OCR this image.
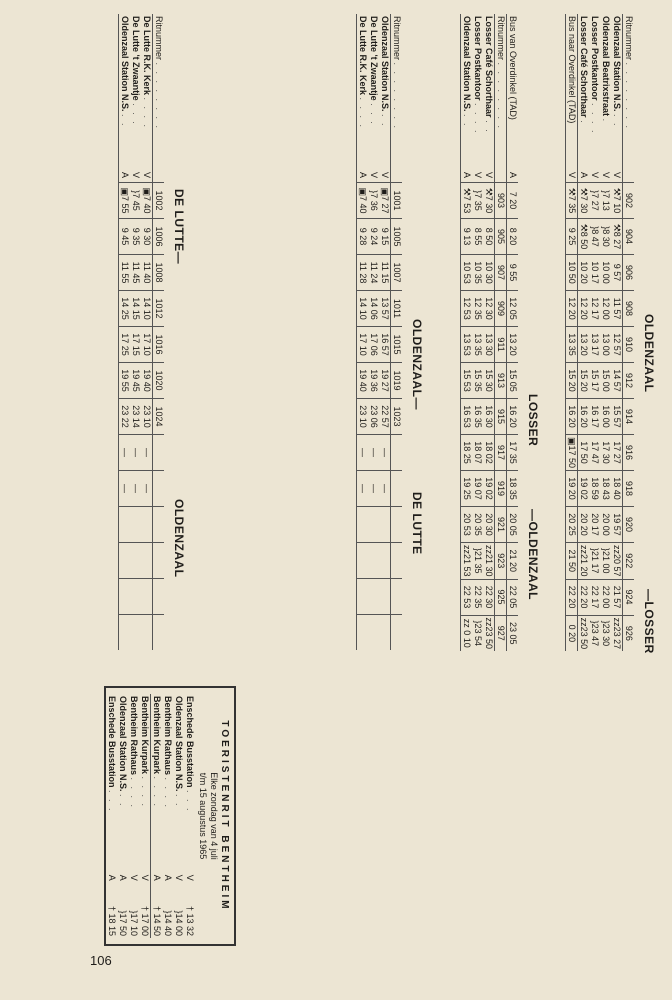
OLDENZAAL
—LOSSER
Ritnummer . . . . . . . .		902	904	906	908	910	912	914	916	918	920	922	924	926
Oldenzaal Station N.S. . .	V	⚒7 10	⚒8 27	9 57	11 57	12 57	14 57	15 57	17 27	18 40	19 57	zz20 57	21 57	zz23 27
Oldenzaal Beatrixstraat .	V	}7 13	}8 30	10 00	12 00	13 00	15 00	16 00	17 30	18 43	20 00	}21 00	22 00	}23 30
Losser Postkantoor . . . .	V	}7 27	}8 47	10 17	12 17	13 17	15 17	16 17	17 47	18 59	20 17	}21 17	22 17	}23 47
Losser Café Schorthaar .	A	⚒7 30	⚒8 50	10 20	12 20	13 20	15 20	16 20	17 50	19 02	20 20	zz21 20	22 20	zz23 50
Bus naar Overdinkel (TAD)	V	⚒7 35	9 25	10 50	12 20	13 35	15 20	16 20	▣17 50	19 20	20 25	21 50	22 20	0 20
LOSSER
—OLDENZAAL
Bus van Overdinkel (TAD)	A	7 20	8 20	9 55	12 05	13 20	15 05	16 20	17 35	18 35	20 05	21 20	22 05	23 05
Ritnummer . . . . . . . .		903	905	907	909	911	913	915	917	919	921	923	925	927
Losser Café Schorthaar . .	V	⚒7 30	8 50	10 30	12 30	13 30	15 30	16 30	18 02	19 02	20 30	zz21 30	22 30	zz23 50
Losser Postkantoor . . . .	V	}7 35	8 55	10 35	12 35	13 35	15 35	16 35	18 07	19 07	20 35	}21 35	22 35	}23 54
Oldenzaal Station N.S. . .	A	⚒7 53	9 13	10 53	12 53	13 53	15 53	16 53	18 25	19 25	20 53	zz21 53	22 53	zz 0 10
OLDENZAAL—
DE LUTTE
Ritnummer . . . . . . . .		1001	1005	1007	1011	1015	1019	1023						
Oldenzaal Station N.S. . .	V	▣7 27	9 15	11 15	13 57	16 57	19 27	22 57	—	—				
De Lutte 't Zwaantje . . .	V	}7 36	9 24	11 24	14 06	17 06	19 36	23 06	—	—				
De Lutte R.K. Kerk . . . .	A	▣7 40	9 28	11 28	14 10	17 10	19 40	23 10	—	—				
DE LUTTE—
OLDENZAAL
Ritnummer . . . . . . . .		1002	1006	1008	1012	1016	1020	1024						
De Lutte R.K. Kerk . . . .	V	▣7 40	9 30	11 40	14 10	17 10	19 40	23 10	—	—				
De Lutte 't Zwaantje . . .	V	}7 45	9 35	11 45	14 15	17 15	19 45	23 14	—	—				
Oldenzaal Station N.S. . .	A	▣7 55	9 45	11 55	14 25	17 25	19 55	23 22	—	—				
TOERISTENRIT BENTHEIM
Elke zondag van 4 juli
t/m 15 augustus 1965
Enschede Busstation . . .	V	† 13 32
Oldenzaal Station N.S. . .	V	}14 00
Bentheim Rathaus . . . .	A	}14 40
Bentheim Kurpark . . . .	A	† 14 50
Bentheim Kurpark . . . .	V	† 17 00
Bentheim Rathaus . . . .	V	}17 10
Oldenzaal Station N.S. . .	A	}17 50
Enschede Busstation . . .	A	† 18 15
106
